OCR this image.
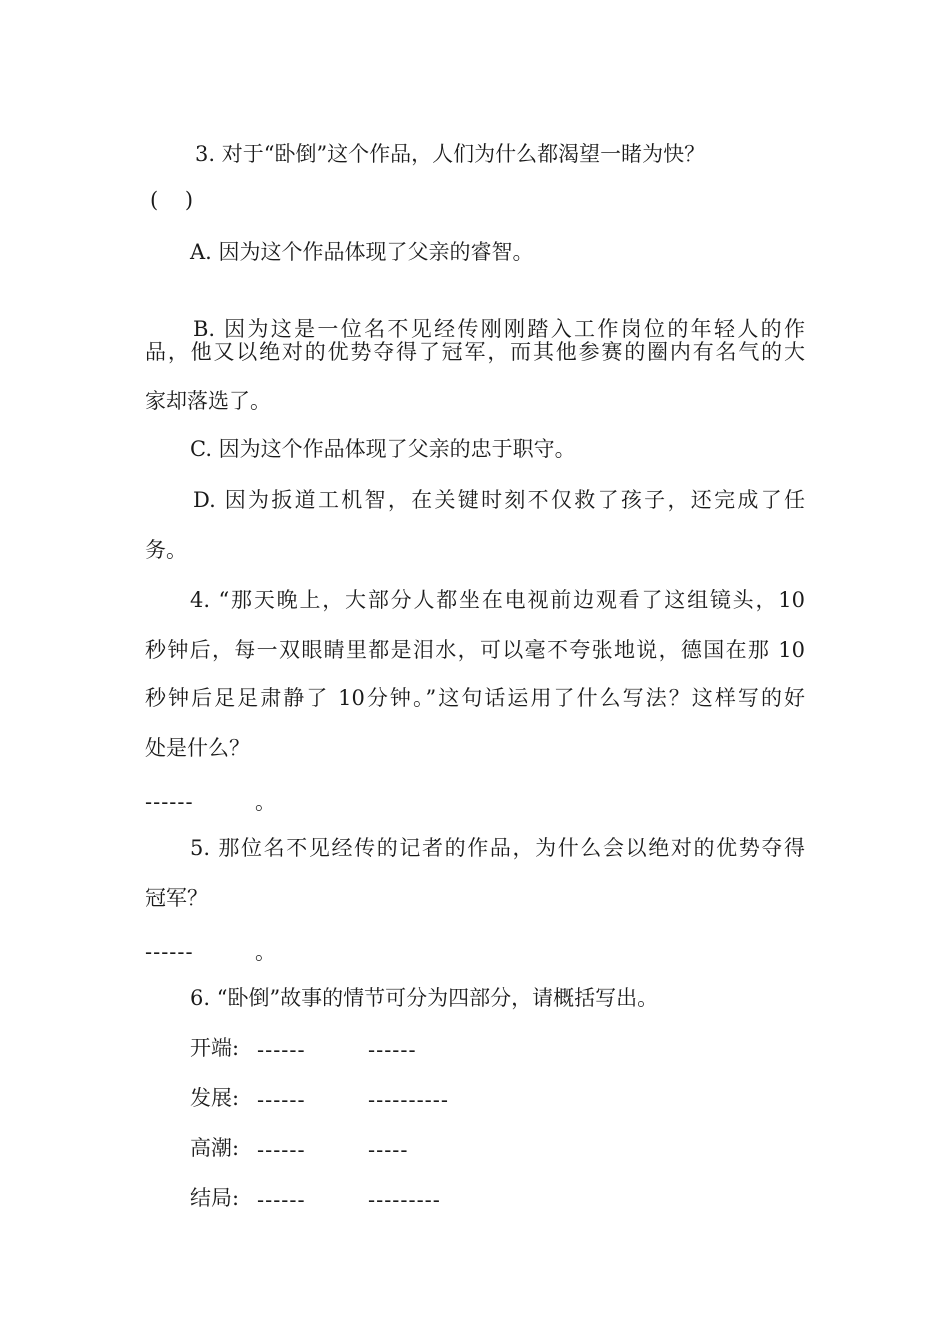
3. 对于“卧倒”这个作品，人们为什么都渴望一睹为快？
(    )
A. 因为这个作品体现了父亲的睿智。
B. 因为这是一位名不见经传刚刚踏入工作岗位的年轻人的作
品，他又以绝对的优势夺得了冠军，而其他参赛的圈内有名气的大
家却落选了。
C. 因为这个作品体现了父亲的忠于职守。
D. 因为扳道工机智，在关键时刻不仅救了孩子，还完成了任
务。
4. “那天晚上，大部分人都坐在电视前边观看了这组镜头，10
秒钟后，每一双眼睛里都是泪水，可以毫不夸张地说，德国在那 10
秒钟后足足肃静了 10分钟。”这句话运用了什么写法？这样写的好
处是什么？
------	。
5. 那位名不见经传的记者的作品，为什么会以绝对的优势夺得
冠军？
------	。
6. “卧倒”故事的情节可分为四部分，请概括写出。
开端: ------	------
发展: ------	----------
高潮: ------	-----
结局: ------	---------
